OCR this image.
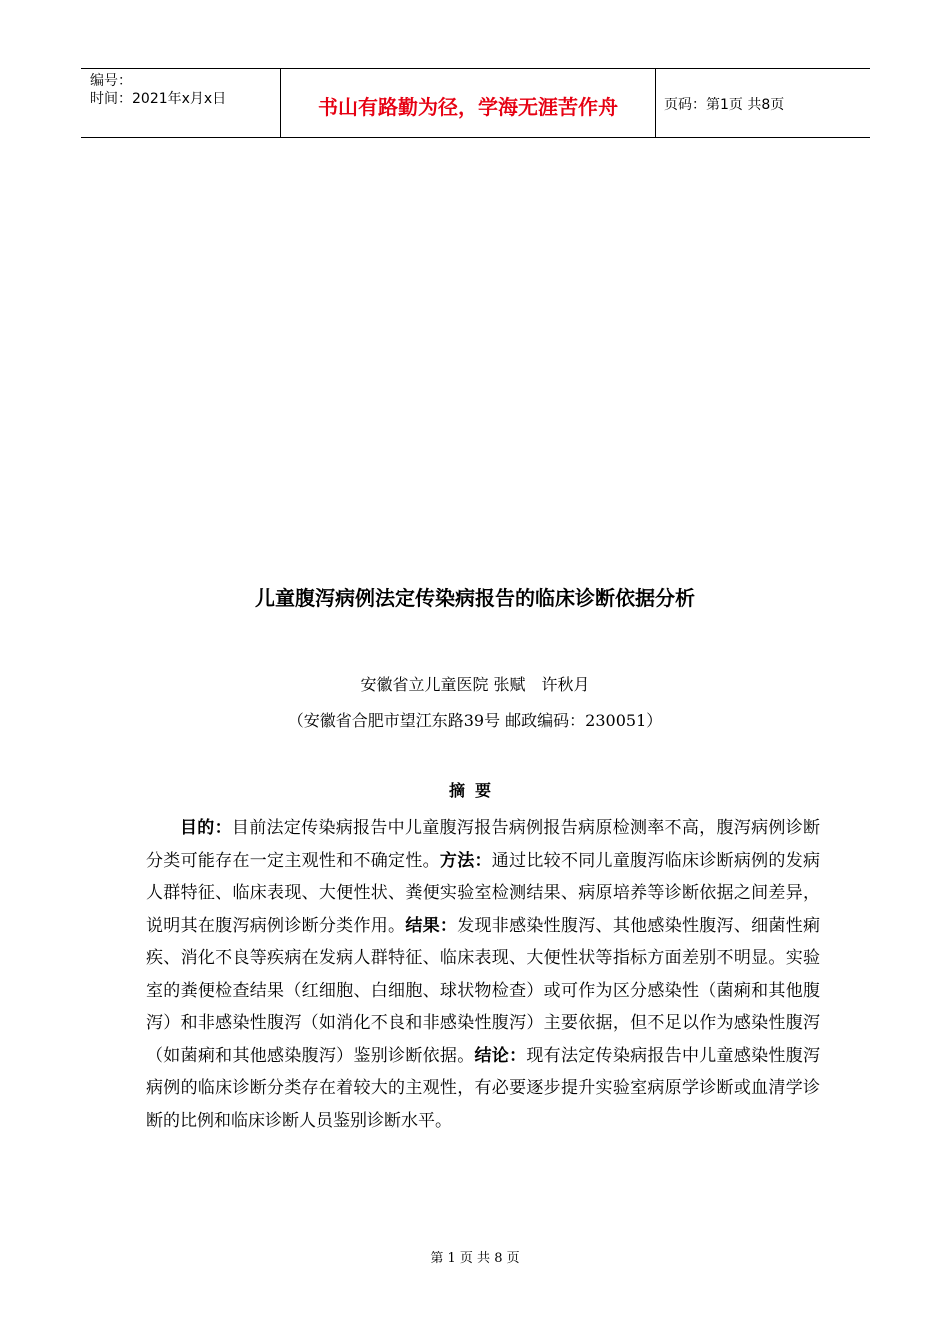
编号：
时间：2021年x月x日	书山有路勤为径，学海无涯苦作舟	页码：第1页 共8页
儿童腹泻病例法定传染病报告的临床诊断依据分析
安徽省立儿童医院 张赋　许秋月
（安徽省合肥市望江东路39号 邮政编码：230051）
摘要

目的：目前法定传染病报告中儿童腹泻报告病例报告病原检测率不高，腹泻病例诊断分类可能存在一定主观性和不确定性。方法：通过比较不同儿童腹泻临床诊断病例的发病人群特征、临床表现、大便性状、粪便实验室检测结果、病原培养等诊断依据之间差异，说明其在腹泻病例诊断分类作用。结果：发现非感染性腹泻、其他感染性腹泻、细菌性痢疾、消化不良等疾病在发病人群特征、临床表现、大便性状等指标方面差别不明显。实验室的粪便检查结果（红细胞、白细胞、球状物检查）或可作为区分感染性（菌痢和其他腹泻）和非感染性腹泻（如消化不良和非感染性腹泻）主要依据，但不足以作为感染性腹泻（如菌痢和其他感染腹泻）鉴别诊断依据。结论：现有法定传染病报告中儿童感染性腹泻病例的临床诊断分类存在着较大的主观性，有必要逐步提升实验室病原学诊断或血清学诊断的比例和临床诊断人员鉴别诊断水平。

第 1 页 共 8 页
